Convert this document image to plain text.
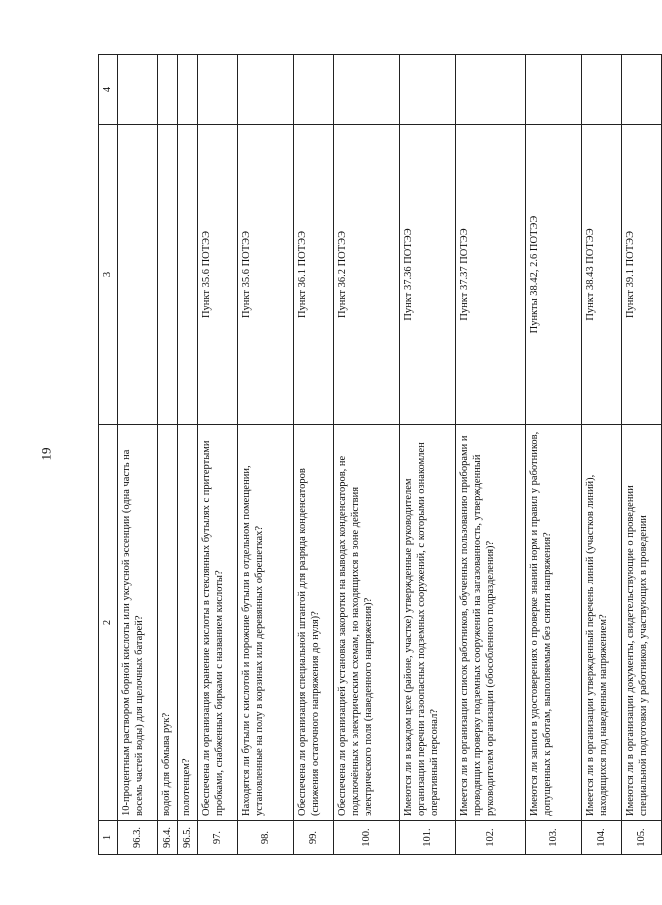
19
1	2	3	4
96.3.	10-процентным раствором борной кислоты или уксусной эссенции (одна часть на восемь частей воды) для щелочных батарей?		
96.4.	водой для обмыва рук?		
96.5.	полотенцем?		
97.	Обеспечена ли организация хранение кислоты в стеклянных бутылях с притертыми пробками, снабженных бирками с названием кислоты?	Пункт 35.6 ПОТЭЭ	
98.	Находятся ли бутыли с кислотой и порожние бутыли в отдельном помещении, установленные на полу в корзинах или деревянных обрешетках?	Пункт 35.6 ПОТЭЭ	
99.	Обеспечена ли организация специальной штангой для разряда конденсаторов (снижения остаточного напряжения до нуля)?	Пункт 36.1 ПОТЭЭ	
100.	Обеспечена ли организацией установка закоротки на выводах конденсаторов, не подключённых к электрическим схемам, но находящихся в зоне действия электрического поля (наведенного напряжения)?	Пункт 36.2 ПОТЭЭ	
101.	Имеются ли в каждом цехе (районе, участке) утвержденные руководителем организации перечни газоопасных подземных сооружений, с которыми ознакомлен оперативный персонал?	Пункт 37.36 ПОТЭЭ	
102.	Имеется ли в организации список работников, обученных пользованию приборами и проводящих проверку подземных сооружений на загазованность, утвержденный руководителем организации (обособленного подразделения)?	Пункт 37.37 ПОТЭЭ	
103.	Имеются ли записи в удостоверениях о проверке знаний норм и правил у работников, допущенных к работам, выполняемым без снятия напряжения?	Пункты 38.42, 2.6 ПОТЭЭ	
104.	Имеется ли в организации утвержденный перечень линий (участков линий), находящихся под наведенным напряжением?	Пункт 38.43 ПОТЭЭ	
105.	Имеются ли в организации документы, свидетельствующие о проведении специальной подготовки у работников, участвующих в проведении	Пункт 39.1 ПОТЭЭ	
